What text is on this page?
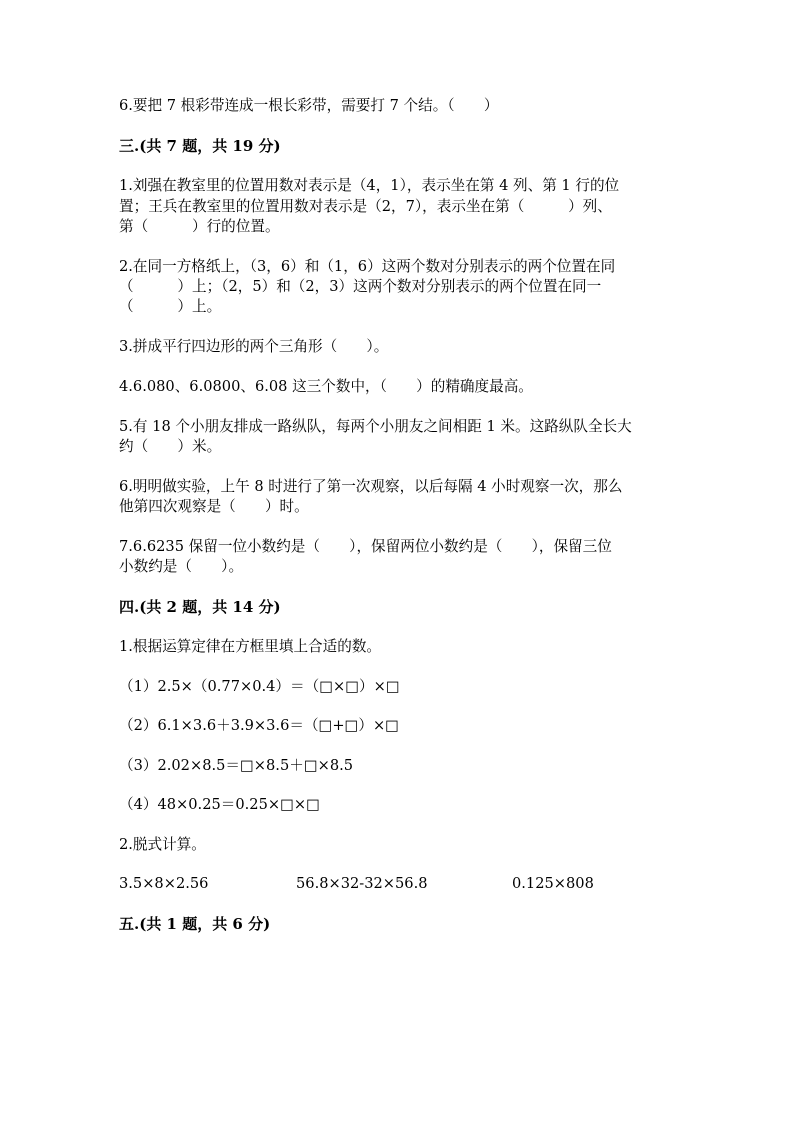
6.要把 7 根彩带连成一根长彩带，需要打 7 个结。（　　）
三.(共 7 题，共 19 分)
1.刘强在教室里的位置用数对表示是（4，1），表示坐在第 4 列、第 1 行的位
置；王兵在教室里的位置用数对表示是（2，7），表示坐在第（　　　）列、
第（　　　）行的位置。
2.在同一方格纸上，（3，6）和（1，6）这两个数对分别表示的两个位置在同
（　　　）上；（2，5）和（2，3）这两个数对分别表示的两个位置在同一
（　　　）上。
3.拼成平行四边形的两个三角形（　　）。
4.6.080、6.0800、6.08 这三个数中，（　　）的精确度最高。
5.有 18 个小朋友排成一路纵队，每两个小朋友之间相距 1 米。这路纵队全长大
约（　　）米。
6.明明做实验，上午 8 时进行了第一次观察，以后每隔 4 小时观察一次，那么
他第四次观察是（　　）时。
7.6.6235 保留一位小数约是（　　），保留两位小数约是（　　），保留三位
小数约是（　　）。
四.(共 2 题，共 14 分)
1.根据运算定律在方框里填上合适的数。
（1）2.5×（0.77×0.4）＝（□×□）×□
（2）6.1×3.6＋3.9×3.6＝（□+□）×□
（3）2.02×8.5＝□×8.5＋□×8.5
（4）48×0.25＝0.25×□×□
2.脱式计算。
3.5×8×2.56	56.8×32-32×56.8	0.125×808
五.(共 1 题，共 6 分)
